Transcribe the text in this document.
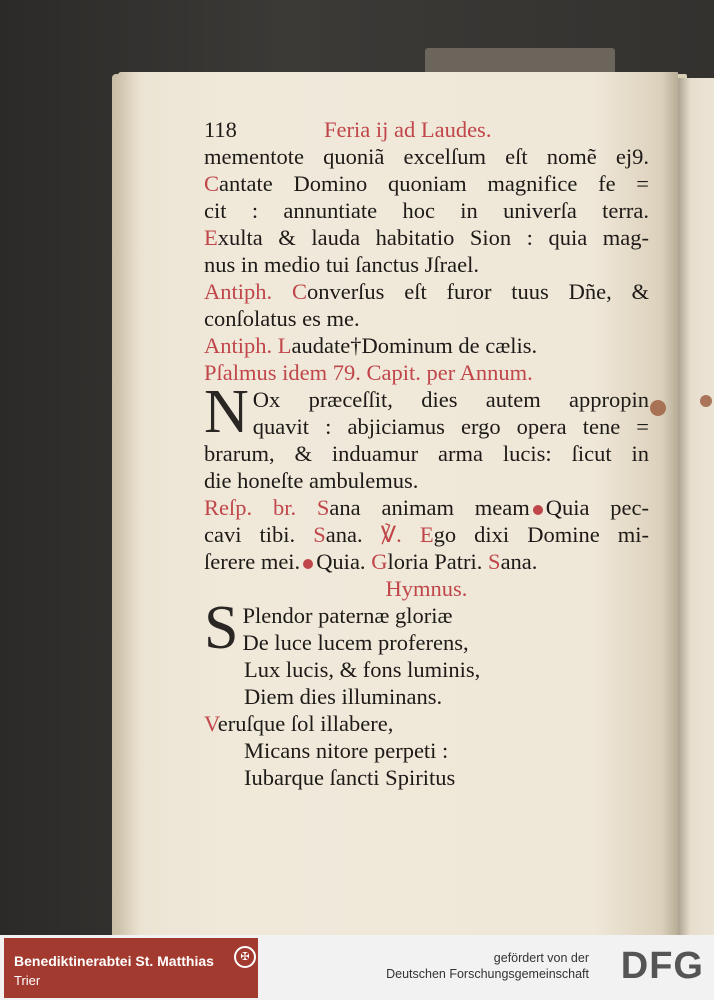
118	Feria ij ad Laudes.
mementote quoniã excelſum eſt nomẽ ej9.
Cantate Domino quoniam magnifice fe =
cit : annuntiate hoc in univerſa terra.
Exulta & lauda habitatio Sion : quia mag-
nus in medio tui ſanctus Jſrael.
Antiph. Converſus eſt furor tuus Dñe, &
conſolatus es me.
Antiph. Laudate†Dominum de cælis.
Pſalmus idem 79. Capit. per Annum.
N Ox præceſſit, dies autem appropin
quavit : abjiciamus ergo opera tene =
brarum, & induamur arma lucis: ſicut in
die honeſte ambulemus.
Reſp. br. Sana animam meam Quia pec-
cavi tibi. Sana. ℣. Ego dixi Domine mi-
ſerere mei. Quia. Gloria Patri. Sana.
Hymnus.
S Plendor paternæ gloriæ
De luce lucem proferens,
Lux lucis, & fons luminis,
Diem dies illuminans.
Veruſque ſol illabere,
Micans nitore perpeti :
Iubarque ſancti Spiritus
Benediktinerabtei St. Matthias
Trier
✠	gefördert von der
Deutschen Forschungsgemeinschaft DFG
